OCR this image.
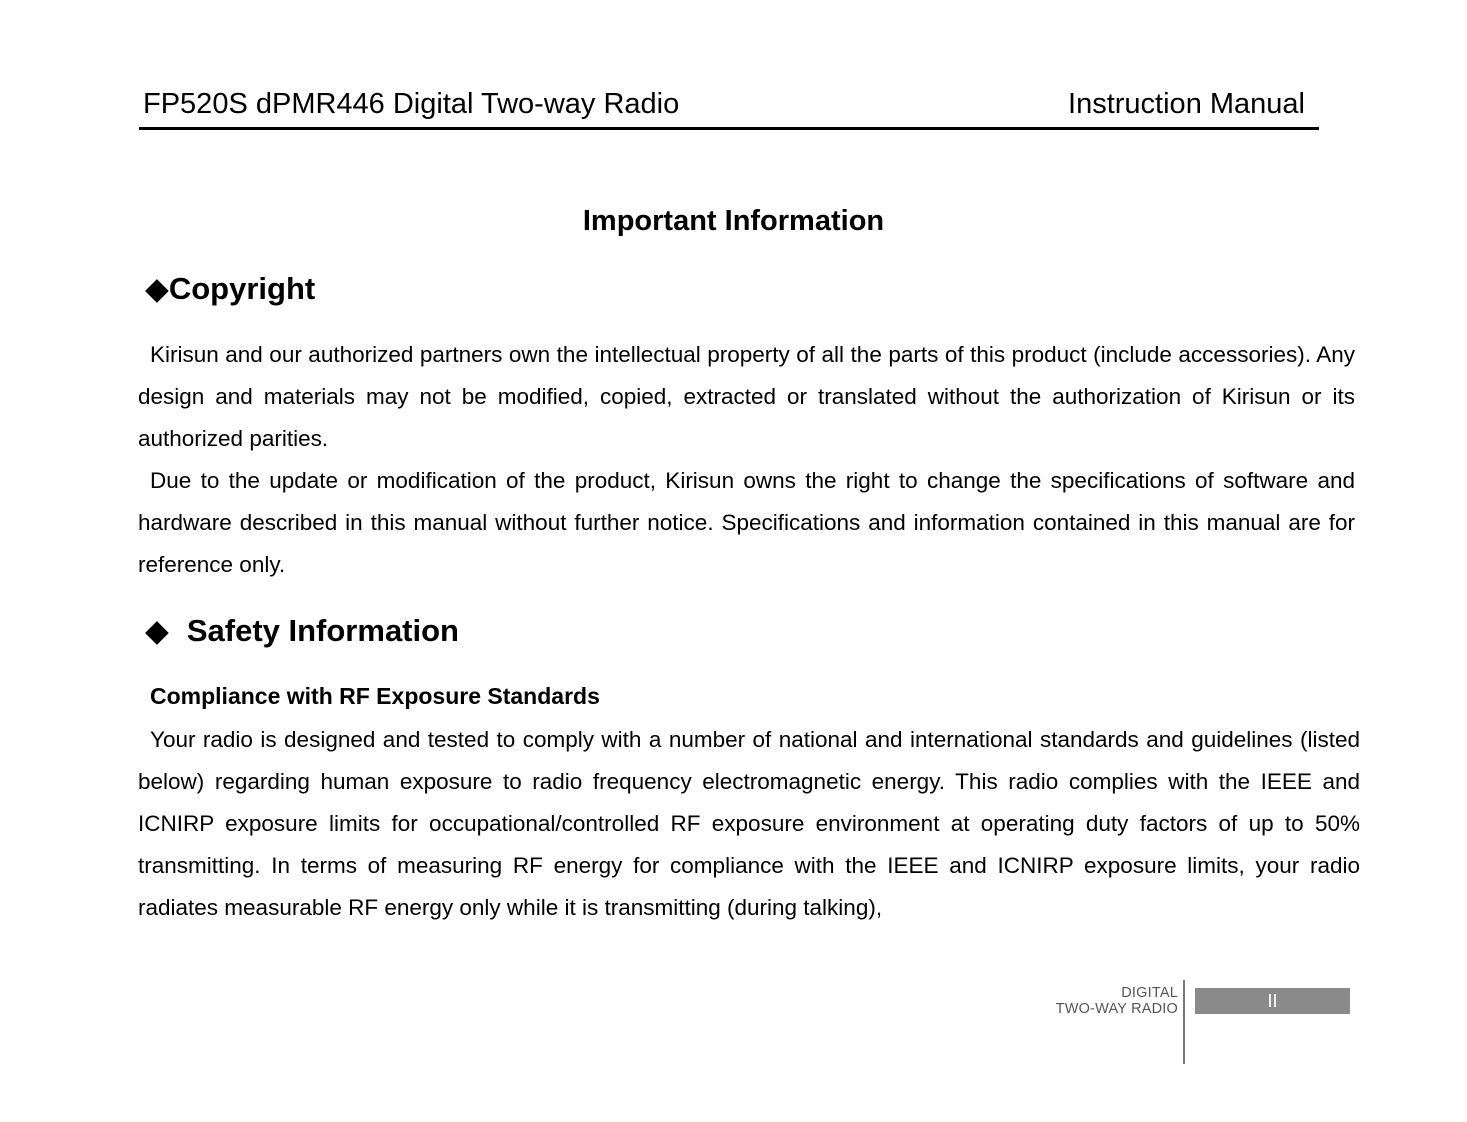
FP520S dPMR446 Digital Two-way Radio	Instruction Manual
Important Information
◆Copyright

Kirisun and our authorized partners own the intellectual property of all the parts of this product (include accessories). Any design and materials may not be modified, copied, extracted or translated without the authorization of Kirisun or its authorized parities.

Due to the update or modification of the product, Kirisun owns the right to change the specifications of software and hardware described in this manual without further notice. Specifications and information contained in this manual are for reference only.

◆ Safety Information
Compliance with RF Exposure Standards

Your radio is designed and tested to comply with a number of national and international standards and guidelines (listed below) regarding human exposure to radio frequency electromagnetic energy. This radio complies with the IEEE and ICNIRP exposure limits for occupational/controlled RF exposure environment at operating duty factors of up to 50% transmitting. In terms of measuring RF energy for compliance with the IEEE and ICNIRP exposure limits, your radio radiates measurable RF energy only while it is transmitting (during talking),

DIGITAL
TWO-WAY RADIO	II
